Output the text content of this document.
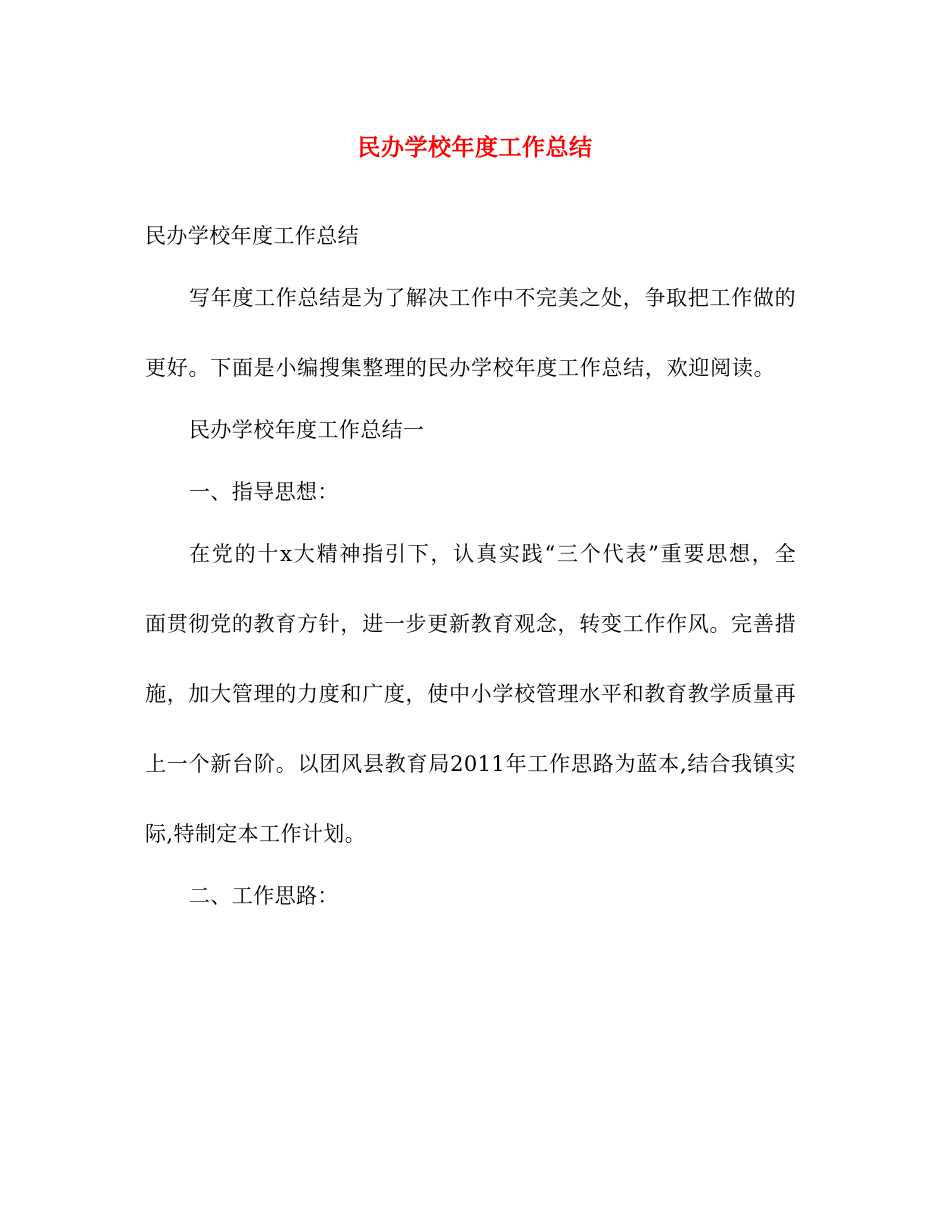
民办学校年度工作总结
民办学校年度工作总结
写年度工作总结是为了解决工作中不完美之处，争取把工作做的
更好。下面是小编搜集整理的民办学校年度工作总结，欢迎阅读。
民办学校年度工作总结一
一、指导思想：
在党的十x大精神指引下，认真实践“三个代表”重要思想，全
面贯彻党的教育方针，进一步更新教育观念，转变工作作风。完善措
施，加大管理的力度和广度，使中小学校管理水平和教育教学质量再
上一个新台阶。以团风县教育局2011年工作思路为蓝本,结合我镇实
际,特制定本工作计划。
二、工作思路：
